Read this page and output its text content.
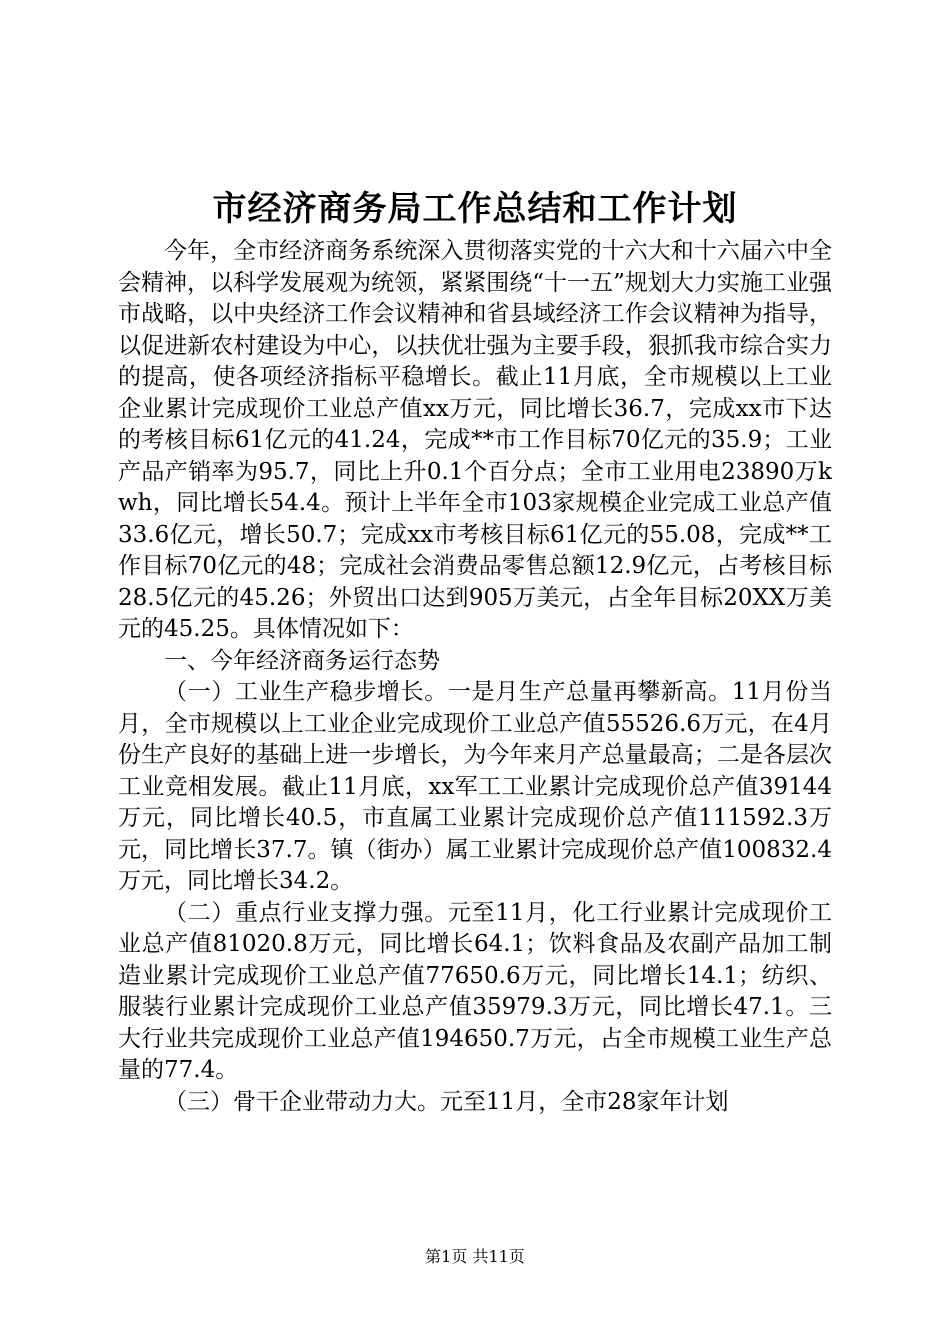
市经济商务局工作总结和工作计划

今年，全市经济商务系统深入贯彻落实党的十六大和十六届六中全会精神，以科学发展观为统领，紧紧围绕“十一五”规划大力实施工业强市战略，以中央经济工作会议精神和省县域经济工作会议精神为指导，以促进新农村建设为中心，以扶优壮强为主要手段，狠抓我市综合实力的提高，使各项经济指标平稳增长。截止11月底，全市规模以上工业企业累计完成现价工业总产值xx万元，同比增长36.7，完成xx市下达的考核目标61亿元的41.24，完成**市工作目标70亿元的35.9；工业产品产销率为95.7，同比上升0.1个百分点；全市工业用电23890万kwh，同比增长54.4。预计上半年全市103家规模企业完成工业总产值33.6亿元，增长50.7；完成xx市考核目标61亿元的55.08，完成**工作目标70亿元的48；完成社会消费品零售总额12.9亿元，占考核目标28.5亿元的45.26；外贸出口达到905万美元，占全年目标20XX万美元的45.25。具体情况如下：

一、今年经济商务运行态势

（一）工业生产稳步增长。一是月生产总量再攀新高。11月份当月，全市规模以上工业企业完成现价工业总产值55526.6万元，在4月份生产良好的基础上进一步增长，为今年来月产总量最高；二是各层次工业竞相发展。截止11月底，xx军工工业累计完成现价总产值39144万元，同比增长40.5，市直属工业累计完成现价总产值111592.3万元，同比增长37.7。镇（街办）属工业累计完成现价总产值100832.4万元，同比增长34.2。

（二）重点行业支撑力强。元至11月，化工行业累计完成现价工业总产值81020.8万元，同比增长64.1；饮料食品及农副产品加工制造业累计完成现价工业总产值77650.6万元，同比增长14.1；纺织、服装行业累计完成现价工业总产值35979.3万元，同比增长47.1。三大行业共完成现价工业总产值194650.7万元，占全市规模工业生产总量的77.4。

（三）骨干企业带动力大。元至11月，全市28家年计划

第1页 共11页
